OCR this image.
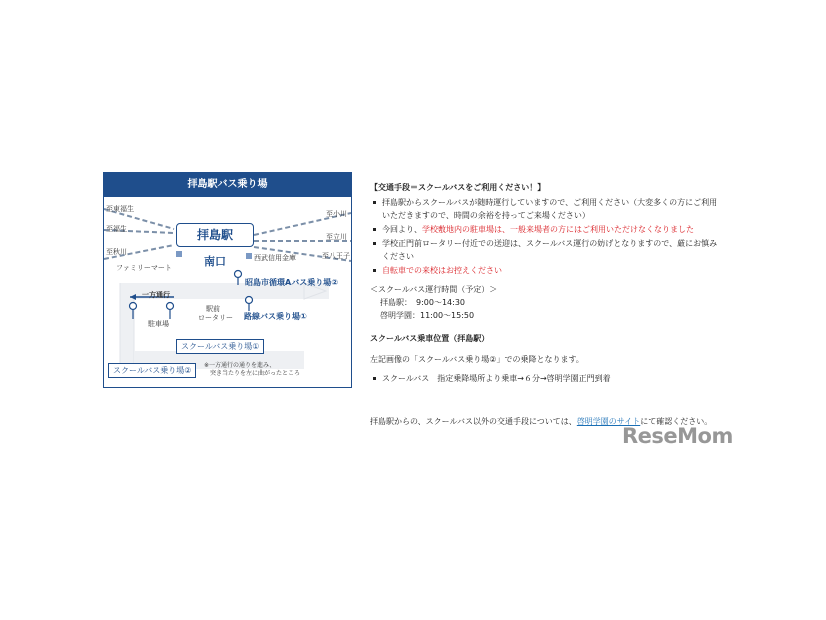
拝島駅バス乗り場
至東福生
至福生
至秋川
至小川
至立川
至八王子
拝島駅
南口	西武信用金庫
ファミリーマート
昭島市循環Aバス乗り場②
一方通行
駐車場
駅前
ロータリー 路線バス乗り場①
スクールバス乗り場①
スクールバス乗り場②
※一方通行の通りを進み、
突き当たりを左に曲がったところ
【交通手段＝スクールバスをご利用ください！】
拝島駅からスクールバスが随時運行していますので、ご利用ください（大変多くの方にご利用いただきますので、時間の余裕を持ってご来場ください）
今回より、学校敷地内の駐車場は、一般来場者の方にはご利用いただけなくなりました
学校正門前ロータリー付近での送迎は、スクールバス運行の妨げとなりますので、厳にお慎みください
自転車での来校はお控えください
＜スクールバス運行時間（予定）＞
拝島駅：　9:00〜14:30
啓明学園：11:00〜15:50
スクールバス乗車位置（拝島駅）
左記画像の「スクールバス乗り場②」での乗降となります。
スクールバス　指定乗降場所より乗車→６分→啓明学園正門到着
拝島駅からの、スクールバス以外の交通手段については、啓明学園のサイトにて確認ください。
ReseMom
